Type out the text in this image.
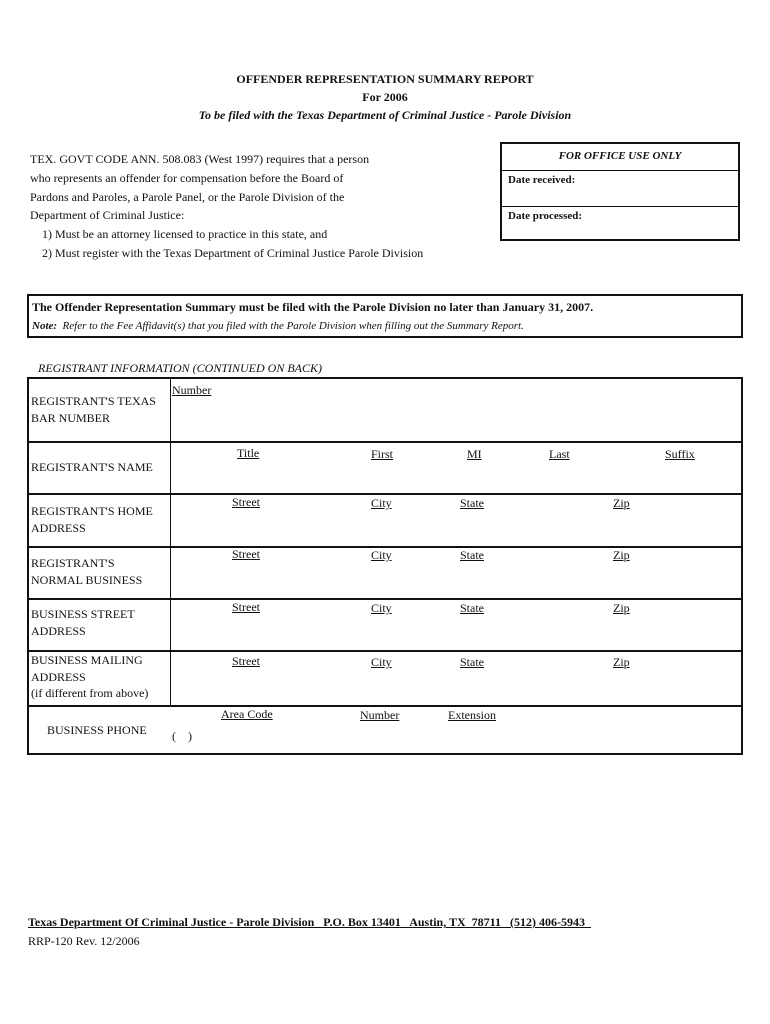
OFFENDER REPRESENTATION SUMMARY REPORT
For 2006
To be filed with the Texas Department of Criminal Justice - Parole Division
TEX. GOVT CODE ANN. 508.083 (West 1997) requires that a person
who represents an offender for compensation before the Board of
Pardons and Paroles, a Parole Panel, or the Parole Division of the
Department of Criminal Justice:
1) Must be an attorney licensed to practice in this state, and
2) Must register with the Texas Department of Criminal Justice Parole Division
FOR OFFICE USE ONLY
Date received:
Date processed:
The Offender Representation Summary must be filed with the Parole Division no later than January 31, 2007.
Note: Refer to the Fee Affidavit(s) that you filed with the Parole Division when filling out the Summary Report.
REGISTRANT INFORMATION (CONTINUED ON BACK)
REGISTRANT'S TEXAS
BAR NUMBER
Number
REGISTRANT'S NAME
Title	First	MI	Last	Suffix
REGISTRANT'S HOME
ADDRESS
Street	City	State	Zip
REGISTRANT'S
NORMAL BUSINESS
Street	City	State	Zip
BUSINESS STREET
ADDRESS
Street	City	State	Zip
BUSINESS MAILING
ADDRESS
(if different from above)
Street	City	State	Zip
BUSINESS PHONE
Area Code	Number	Extension
(    )
Texas Department Of Criminal Justice - Parole Division   P.O. Box 13401   Austin, TX  78711   (512) 406-5943
RRP-120 Rev. 12/2006
